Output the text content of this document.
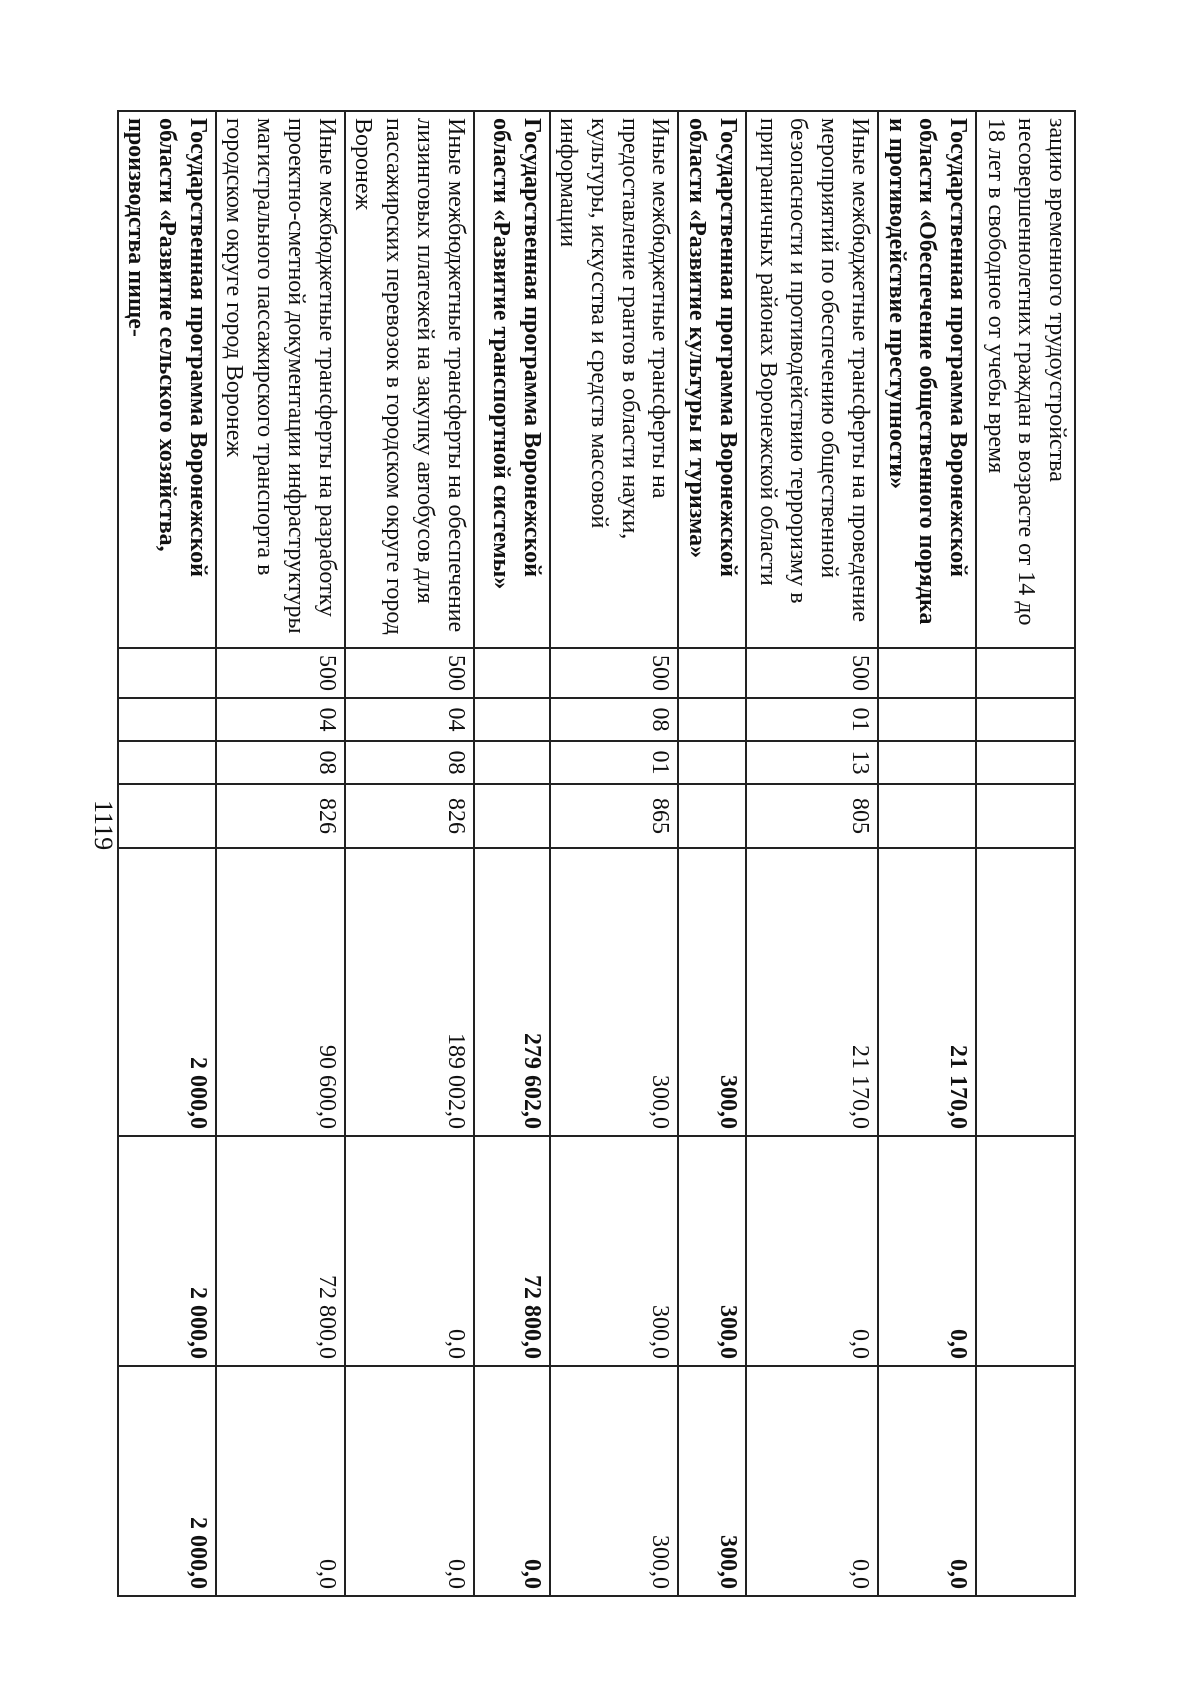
1119
зацию временного трудоустройства несовершеннолетних граждан в возрасте от 14 до 18 лет в свободное от учебы время							
Государственная программа Воронежской области «Обеспечение общественного порядка и противодействие преступности»					21 170,0	0,0	0,0
Иные межбюджетные трансферты на проведение мероприятий по обеспечению общественной безопасности и противодействию терроризму в приграничных районах Воронежской области	500	01	13	805	21 170,0	0,0	0,0
Государственная программа Воронежской области «Развитие культуры и туризма»					300,0	300,0	300,0
Иные межбюджетные трансферты на предоставление грантов в области науки, культуры, искусства и средств массовой информации	500	08	01	865	300,0	300,0	300,0
Государственная программа Воронежской области «Развитие транспортной системы»					279 602,0	72 800,0	0,0
Иные межбюджетные трансферты на обеспечение лизинговых платежей на закупку автобусов для пассажирских перевозок в городском округе город Воронеж	500	04	08	826	189 002,0	0,0	0,0
Иные межбюджетные трансферты на разработку проектно-сметной документации инфраструктуры магистрального пассажирского транспорта в городском округе город Воронеж	500	04	08	826	90 600,0	72 800,0	0,0
Государственная программа Воронежской области «Развитие сельского хозяйства, производства пище-					2 000,0	2 000,0	2 000,0
